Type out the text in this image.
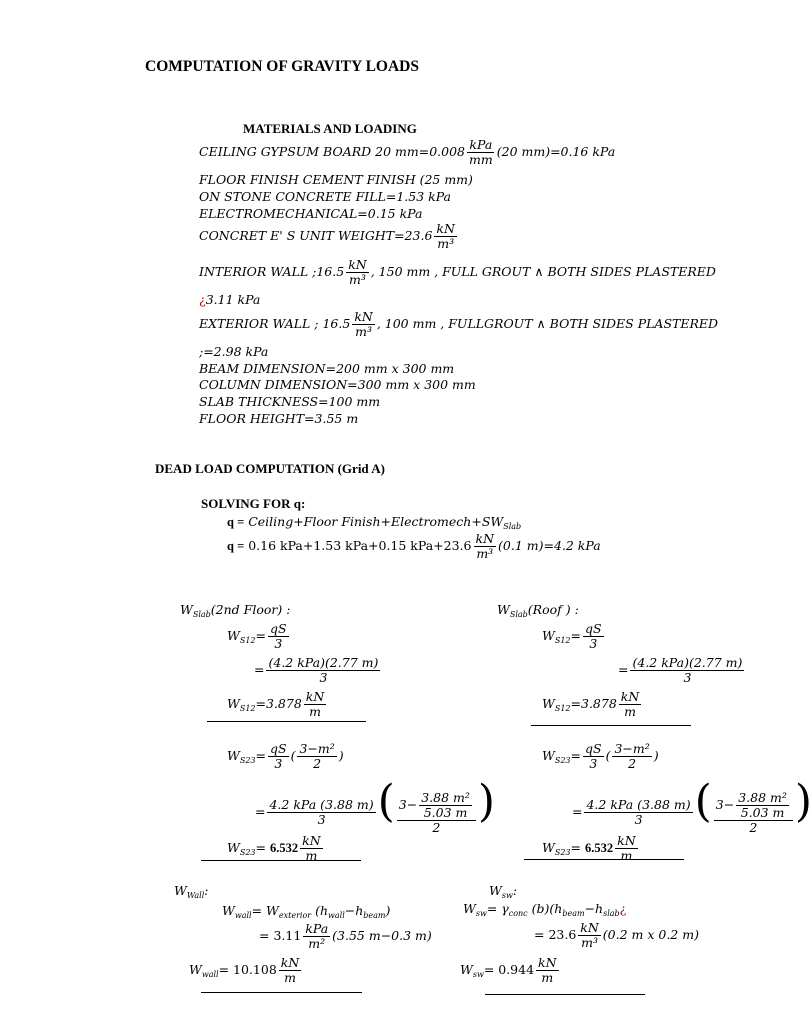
COMPUTATION OF GRAVITY LOADS
MATERIALS AND LOADING
CEILING GYPSUM BOARD 20 $mm=0.008 \frac{\text{kPa}}{mm} (20$ mm)=0.16 kPa
FLOOR FINISH CEMENT FINISH (25 mm)
ON STONE CONCRETE FILL=1.53 kPa
ELECTROMECHANICAL=0.15 kPa
CONCRET E' S UNIT WEIGHT=23.6 $\frac{kN}{\text{m³}}$
INTERIOR WALL ;16.5 $\frac{kN}{\text{m³}}$ , 150 mm , FULL GROUT ∧ BOTH SIDES PLASTERED
¿3.11 kPa
EXTERIOR WALL ; $16.5 \frac{kN}{\text{m³}}$ , 100 mm , FULLGROUT ∧ BOTH SIDES PLASTERED
;=2.98 kPa
BEAM DIMENSION=200 mm x 300 mm
COLUMN DIMENSION=300 mm x 300 mm
SLAB THICKNESS=100 mm
FLOOR HEIGHT=3.55 m
DEAD LOAD COMPUTATION (Grid A)
SOLVING FOR q:
q = Ceiling+Floor $Finish+Electromech+SW_{Slab}$
q = 0.16 kPa+1.53 kPa+0.15 $kPa+23.6 \frac{kN}{\text{m³}} (0.1$ m)=4.2 kPa
$W_{Slab}(2nd$ Floor) :
$W_{S12}= \frac{qS}{3}$
= $\frac{\text{(4.2 kPa)(2.77 m)}}{3}$
$W_{S12}=3.878 \frac{kN}{m}$
$W_{S23}= \frac{qS}{3}$ ( $\frac{\text{3−m²}}{2}$ )
= $\frac{\text{4.2 kPa (3.88 m)}}{3}$ ( $\frac{3- \frac{\text{3.88 m²}}{5.03 m}}{2}$ )
$W_{S23}= 6.532 \frac{kN}{m}$
$W_{Slab}(Roof$ ) :
$W_{S12}= \frac{qS}{3}$
= $\frac{\text{(4.2 kPa)(2.77 m)}}{3}$
$W_{S12}=3.878 \frac{kN}{m}$
$W_{S23}= \frac{qS}{3}$ ( $\frac{\text{3−m²}}{2}$ )
= $\frac{\text{4.2 kPa (3.88 m)}}{3}$ ( $\frac{3- \frac{\text{3.88 m²}}{5.03 m}}{2}$ )
$W_{S23}= 6.532 \frac{kN}{m}$
$W_{Wall}$:
$W_{wall}= W_{exterior}$ $(h_{wall}-h_{beam})$
= $3.11 \frac{\text{kPa}}{\text{m²}} (3.55$ m−0.3 m)
$W_{wall}= 10.108 \frac{kN}{m}$
$W_{sw}$:
$W_{sw}= \gamma_{conc}$ $(b)(h_{beam}-h_{slab}¿$
= $23.6 \frac{kN}{\text{m³}} (0.2$ m x 0.2 m)
$W_{sw}= 0.944 \frac{kN}{m}$
